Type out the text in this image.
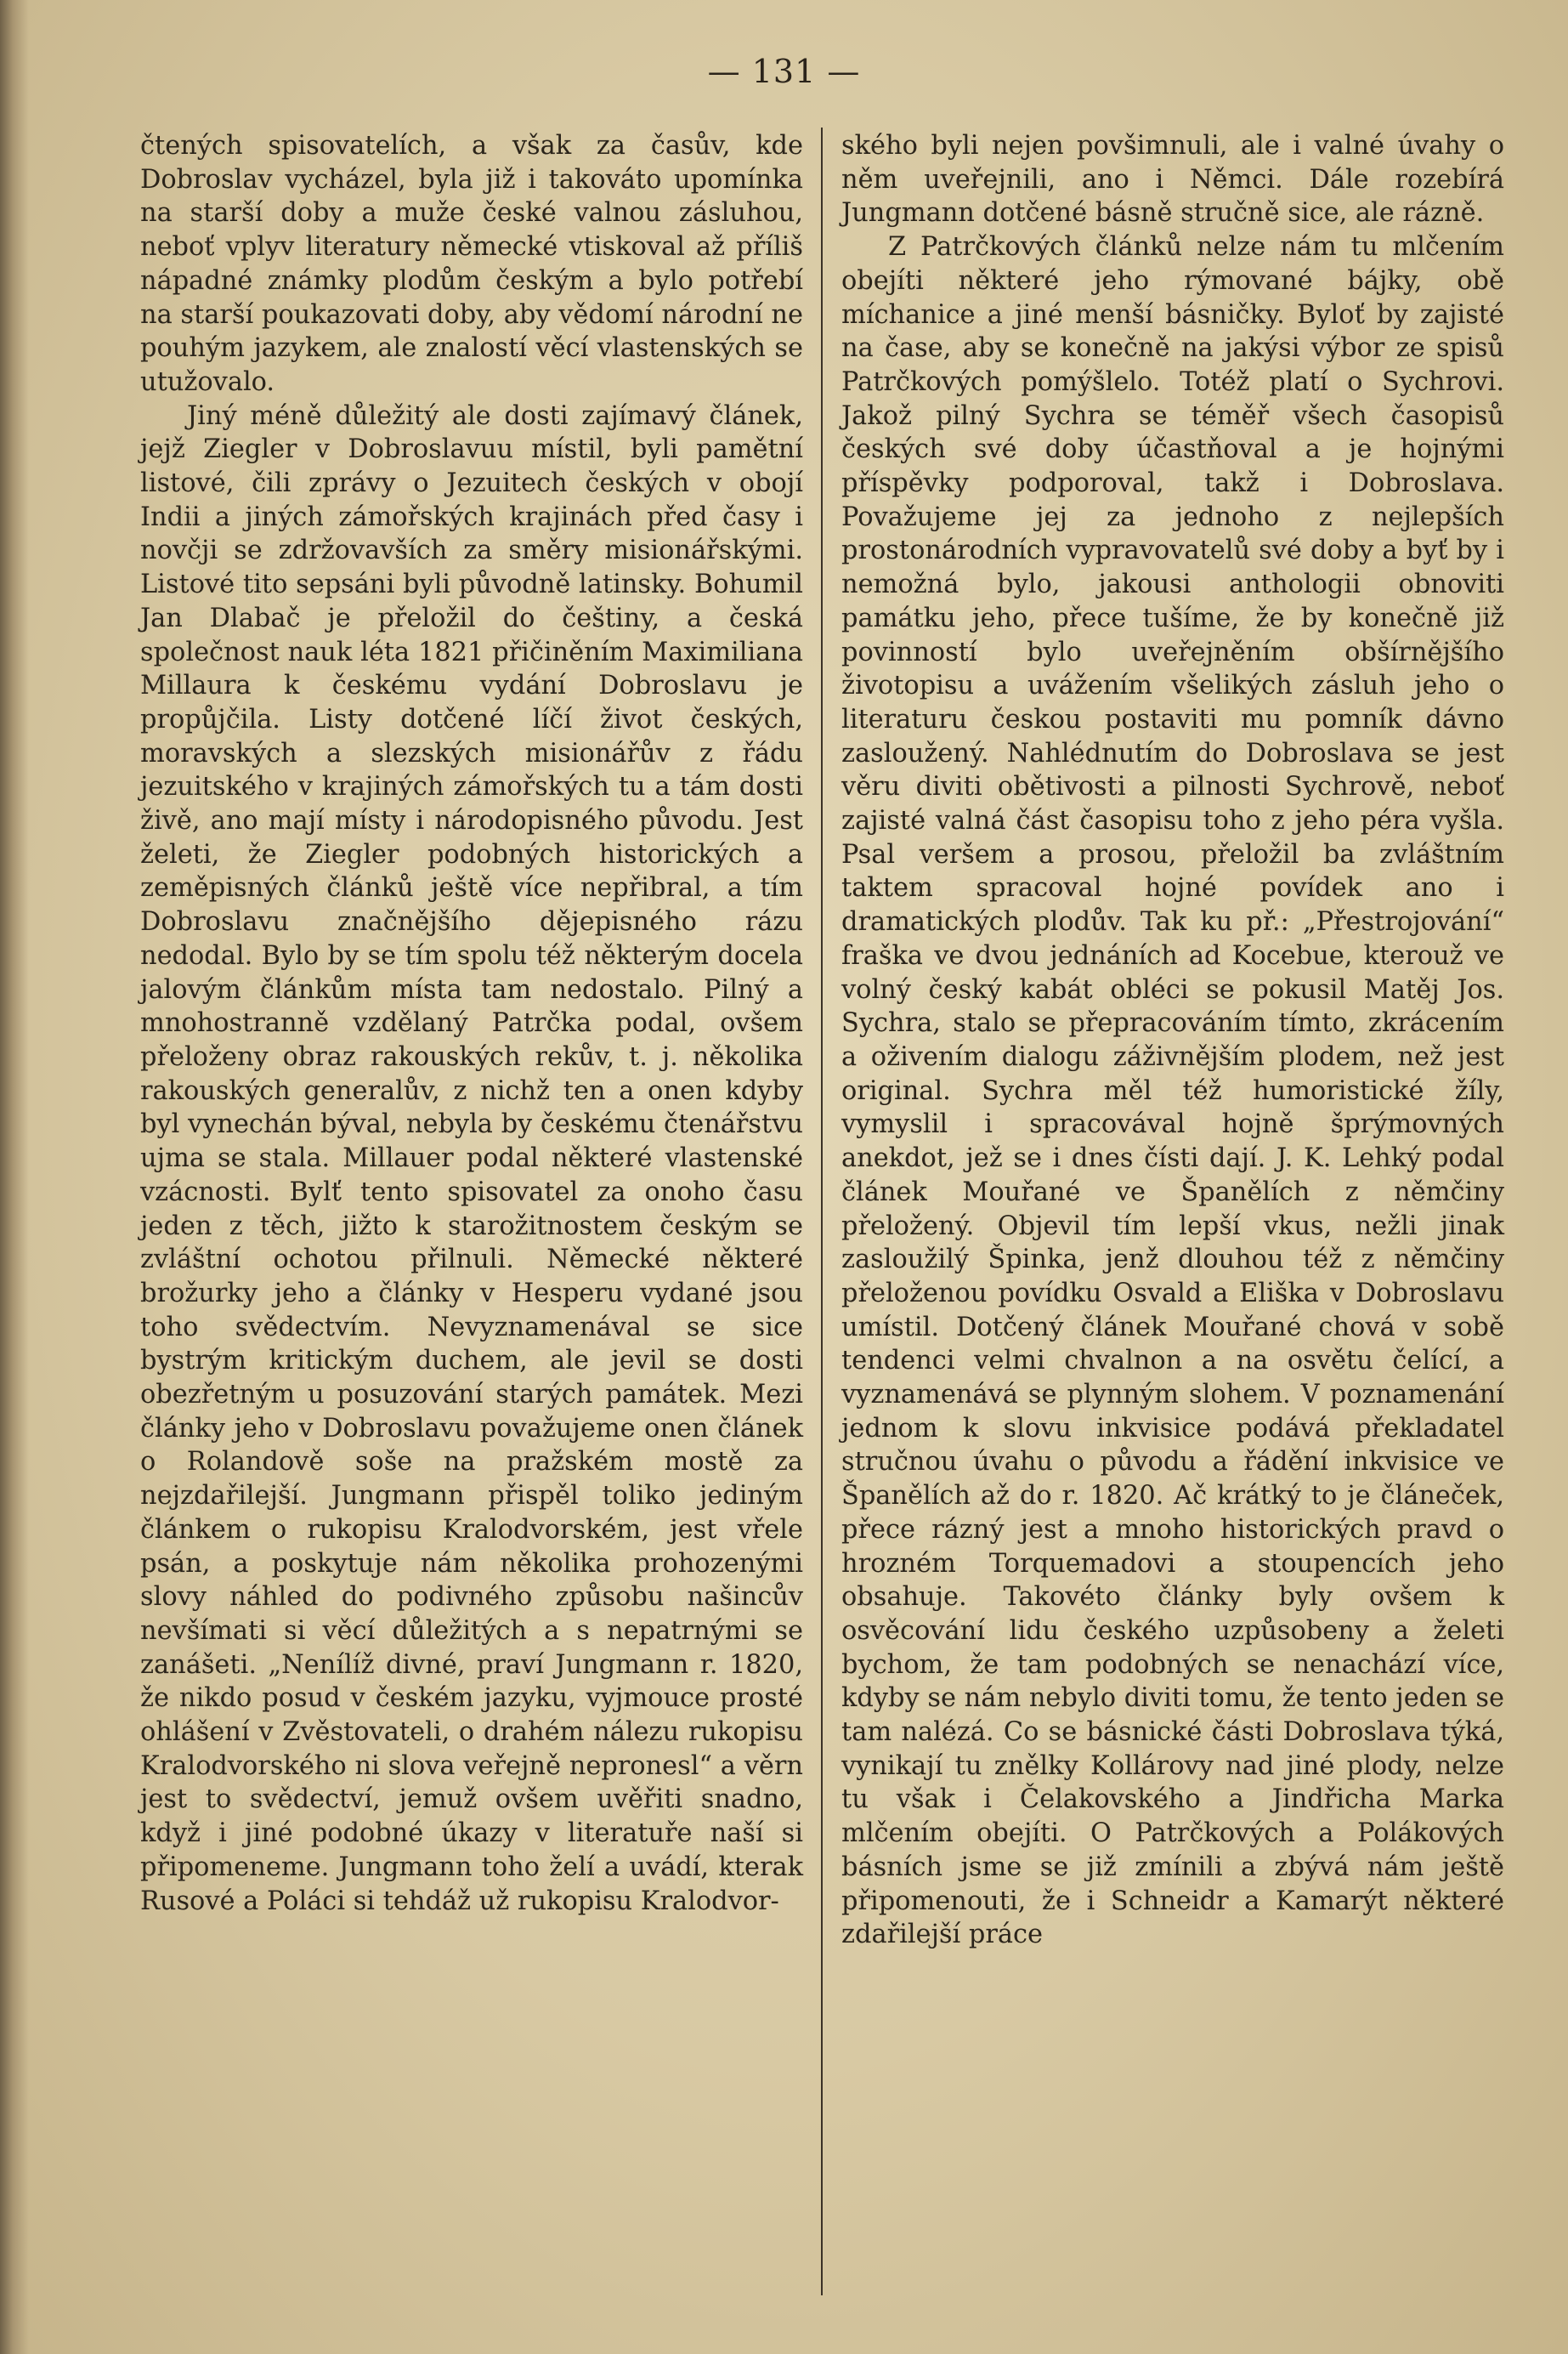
— 131 —

čtených spisovatelích, a však za časův, kde Dobroslav vycházel, byla již i takováto upomínka na starší doby a muže české valnou zásluhou, neboť vplyv literatury německé vtiskoval až příliš nápadné známky plodům českým a bylo potřebí na starší poukazovati doby, aby vědomí národní ne pouhým jazykem, ale znalostí věcí vlastenských se utužovalo.

Jiný méně důležitý ale dosti zajímavý článek, jejž Ziegler v Dobroslavuu místil, byli pamětní listové, čili zprávy o Jezuitech českých v obojí Indii a jiných zámořských krajinách před časy i novčji se zdržovavších za směry misionářskými. Listové tito sepsáni byli původně latinsky. Bohumil Jan Dlabač je přeložil do češtiny, a česká společnost nauk léta 1821 přičiněním Maximiliana Millaura k českému vydání Dobroslavu je propůjčila. Listy dotčené líčí život českých, moravských a slezských misionářův z řádu jezuitského v krajiných zámořských tu a tám dosti živě, ano mají místy i národopisného původu. Jest želeti, že Ziegler podobných historických a zeměpisných článků ještě více nepřibral, a tím Dobroslavu značnějšího dějepisného rázu nedodal. Bylo by se tím spolu též některým docela jalovým článkům místa tam nedostalo. Pilný a mnohostranně vzdělaný Patrčka podal, ovšem přeloženy obraz rakouských rekův, t. j. několika rakouských generalův, z nichž ten a onen kdyby byl vynechán býval, nebyla by českému čtenářstvu ujma se stala. Millauer podal některé vlastenské vzácnosti. Bylť tento spisovatel za onoho času jeden z těch, jižto k starožitnostem českým se zvláštní ochotou přilnuli. Německé některé brožurky jeho a články v Hesperu vydané jsou toho svědectvím. Nevyznamenával se sice bystrým kritickým duchem, ale jevil se dosti obezřetným u posuzování starých památek. Mezi články jeho v Dobroslavu považujeme onen článek o Rolandově soše na pražském mostě za nejzdařilejší. Jungmann přispěl toliko jediným článkem o rukopisu Kralodvorském, jest vřele psán, a poskytuje nám několika prohozenými slovy náhled do podivného způsobu našincův nevšímati si věcí důležitých a s nepatrnými se zanášeti. „Nenílíž divné, praví Jungmann r. 1820, že nikdo posud v českém jazyku, vyjmouce prosté ohlášení v Zvěstovateli, o drahém nálezu rukopisu Kralodvorského ni slova veřejně nepronesl“ a věrn jest to svědectví, jemuž ovšem uvěřiti snadno, když i jiné podobné úkazy v literatuře naší si připomeneme. Jungmann toho želí a uvádí, kterak Rusové a Poláci si tehdáž už rukopisu Kralodvor-

ského byli nejen povšimnuli, ale i valné úvahy o něm uveřejnili, ano i Němci. Dále rozebírá Jungmann dotčené básně stručně sice, ale rázně.

Z Patrčkových článků nelze nám tu mlčením obejíti některé jeho rýmované bájky, obě míchanice a jiné menší básničky. Byloť by zajisté na čase, aby se konečně na jakýsi výbor ze spisů Patrčkových pomýšlelo. Totéž platí o Sychrovi. Jakož pilný Sychra se téměř všech časopisů českých své doby účastňoval a je hojnými příspěvky podporoval, takž i Dobroslava. Považujeme jej za jednoho z nejlepších prostonárodních vypravovatelů své doby a byť by i nemožná bylo, jakousi anthologii obnoviti památku jeho, přece tušíme, že by konečně již povinností bylo uveřejněním obšírnějšího životopisu a uvážením všelikých zásluh jeho o literaturu českou postaviti mu pomník dávno zasloužený. Nahlédnutím do Dobroslava se jest věru diviti obětivosti a pilnosti Sychrově, neboť zajisté valná část časopisu toho z jeho péra vyšla. Psal veršem a prosou, přeložil ba zvláštním taktem spracoval hojné povídek ano i dramatických plodův. Tak ku př.: „Přestrojování“ fraška ve dvou jednáních ad Kocebue, kterouž ve volný český kabát obléci se pokusil Matěj Jos. Sychra, stalo se přepracováním tímto, zkrácením a oživením dialogu záživnějším plodem, než jest original. Sychra měl též humoristické žíly, vymyslil i spracovával hojně šprýmovných anekdot, jež se i dnes čísti dají. J. K. Lehký podal článek Mouřané ve Španělích z němčiny přeložený. Objevil tím lepší vkus, nežli jinak zasloužilý Špinka, jenž dlouhou též z němčiny přeloženou povídku Osvald a Eliška v Dobroslavu umístil. Dotčený článek Mouřané chová v sobě tendenci velmi chvalnon a na osvětu čelící, a vyznamenává se plynným slohem. V poznamenání jednom k slovu inkvisice podává překladatel stručnou úvahu o původu a řádění inkvisice ve Španělích až do r. 1820. Ač krátký to je článeček, přece rázný jest a mnoho historických pravd o hrozném Torquemadovi a stoupencích jeho obsahuje. Takovéto články byly ovšem k osvěcování lidu českého uzpůsobeny a želeti bychom, že tam podobných se nenachází více, kdyby se nám nebylo diviti tomu, že tento jeden se tam nalézá. Co se básnické části Dobroslava týká, vynikají tu znělky Kollárovy nad jiné plody, nelze tu však i Čelakovského a Jindřicha Marka mlčením obejíti. O Patrčkových a Polákových básních jsme se již zmínili a zbývá nám ještě připomenouti, že i Schneidr a Kamarýt některé zdařilejší práce
